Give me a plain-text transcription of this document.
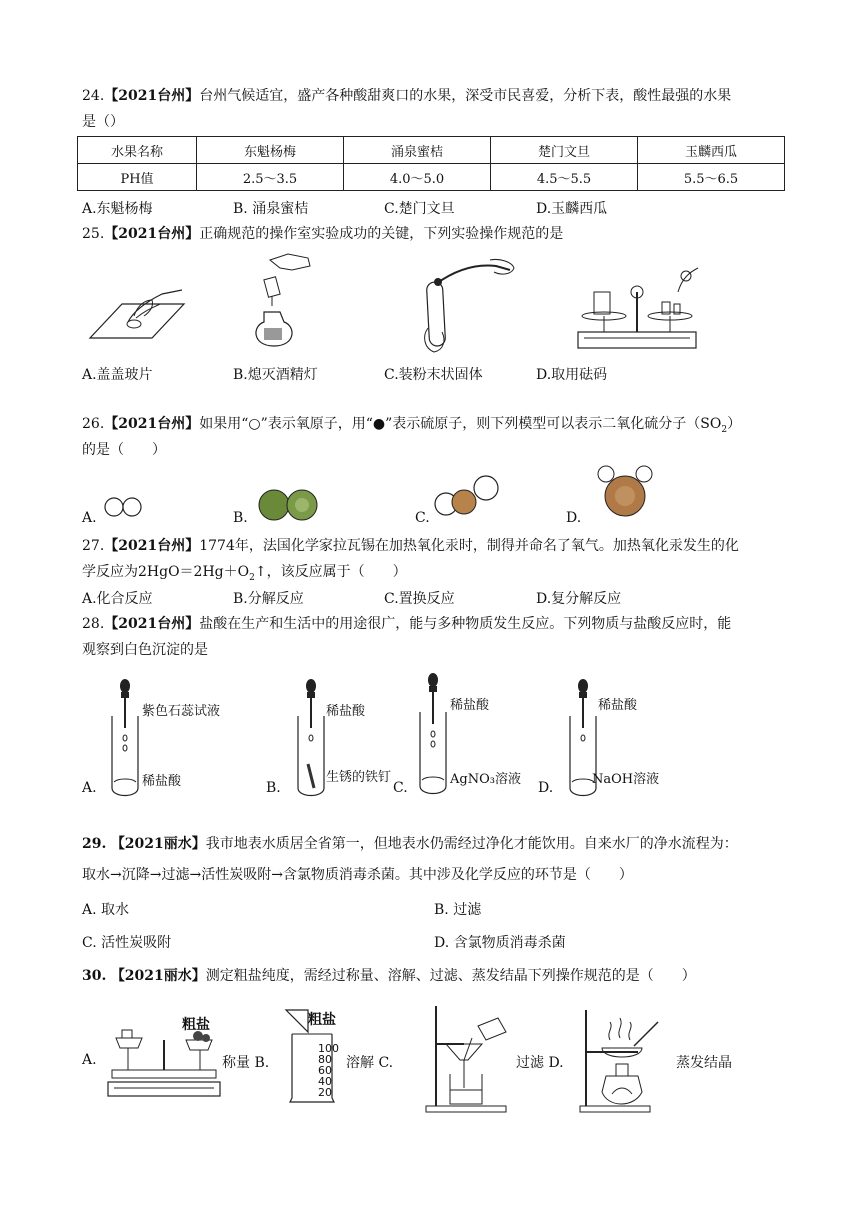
24.【2021台州】台州气候适宜，盛产各种酸甜爽口的水果，深受市民喜爱，分析下表，酸性最强的水果
是（）
水果名称	东魁杨梅	涌泉蜜桔	楚门文旦	玉麟西瓜
PH值	2.5～3.5	4.0～5.0	4.5～5.5	5.5～6.5
A.东魁杨梅	B. 涌泉蜜桔	C.楚门文旦	D.玉麟西瓜
25.【2021台州】正确规范的操作室实验成功的关键，下列实验操作规范的是
A.盖盖玻片	B.熄灭酒精灯	C.装粉末状固体	D.取用砝码
26.【2021台州】如果用“○”表示氧原子，用“●”表示硫原子，则下列模型可以表示二氧化硫分子$(SO_2)$
的是（　　）
A.	B.	C.	D.
27.【2021台州】1774年，法国化学家拉瓦锡在加热氧化汞时，制得并命名了氧气。加热氧化汞发生的化
学反应为$2HgO=2Hg+O_2↑$，该反应属于（　　）
A.化合反应	B.分解反应	C.置换反应	D.复分解反应
28.【2021台州】盐酸在生产和生活中的用途很广，能与多种物质发生反应。下列物质与盐酸反应时，能
观察到白色沉淀的是
紫色石蕊试液
稀盐酸
A.
稀盐酸
生锈的铁钉
B.
稀盐酸
AgNO₃溶液
C.
稀盐酸
NaOH溶液
D.
29. 【2021丽水】我市地表水质居全省第一，但地表水仍需经过净化才能饮用。自来水厂的净水流程为：
取水→沉降→过滤→活性炭吸附→含氯物质消毒杀菌。其中涉及化学反应的环节是（　　）
A. 取水	B. 过滤
C. 活性炭吸附	D. 含氯物质消毒杀菌
30. 【2021丽水】测定粗盐纯度，需经过称量、溶解、过滤、蒸发结晶下列操作规范的是（　　）
A.
粗盐
称量 B.
粗盐
100
80
60
40
20
溶解 C.	过滤 D.	蒸发结晶
